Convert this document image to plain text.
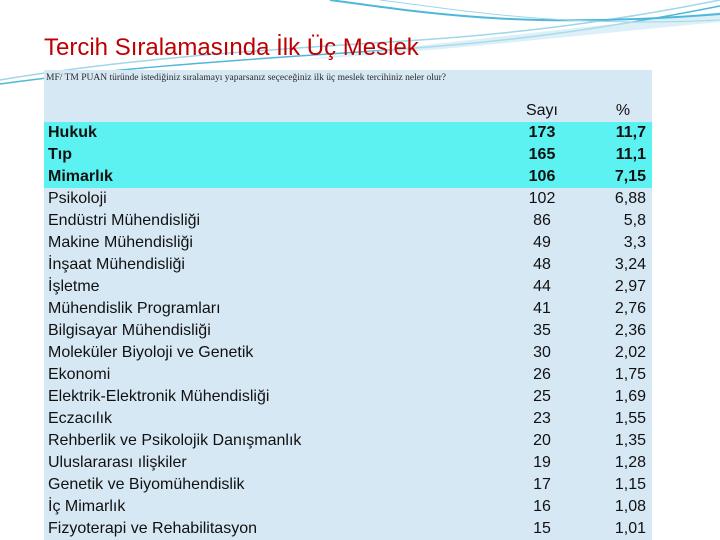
Tercih Sıralamasında İlk Üç Meslek
MF/ TM PUAN türünde istediğiniz sıralamayı yaparsanız seçeceğiniz ilk üç meslek tercihiniz neler olur?
Sayı	%
Hukuk	173	11,7
Tıp	165	11,1
Mimarlık	106	7,15
Psikoloji	102	6,88
Endüstri Mühendisliği	86	5,8
Makine Mühendisliği	49	3,3
İnşaat Mühendisliği	48	3,24
İşletme	44	2,97
Mühendislik Programları	41	2,76
Bilgisayar Mühendisliği	35	2,36
Moleküler Biyoloji ve Genetik	30	2,02
Ekonomi	26	1,75
Elektrik-Elektronik Mühendisliği	25	1,69
Eczacılık	23	1,55
Rehberlik ve Psikolojik Danışmanlık	20	1,35
Uluslararası ılişkiler	19	1,28
Genetik ve Biyomühendislik	17	1,15
İç Mimarlık	16	1,08
Fizyoterapi ve Rehabilitasyon	15	1,01
